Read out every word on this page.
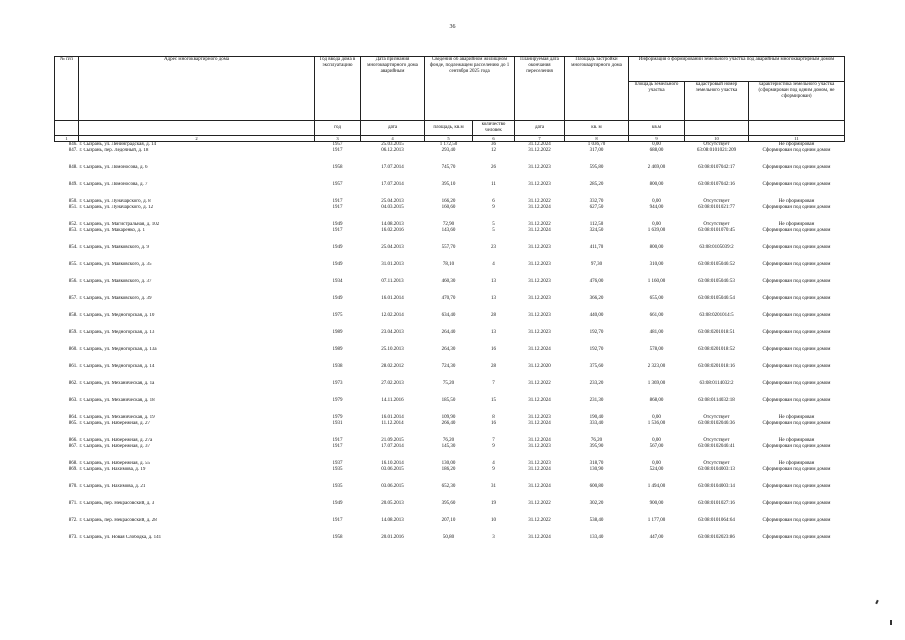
36
№ п/п	Адрес многоквартирного дома	Год ввода дома в эксплуатацию	Дата признания многоквартирного дома аварийным	Сведения об аварийном жилищном фонде, подлежащем расселению до 1 сентября 2025 года		Планируемая дата окончания переселения	Площадь застройки многоквартирного дома	Информация о формировании земельного участка под аварийным многоквартирным домом		
								площадь земельного участка	кадастровый номер земельного участка	характеристика земельного участка (сформирован под одним домом, не сформирован)
		год	дата	площадь, кв.м	количество человек	дата	кв. м	кв.м		
1	2	3	4	5	6	7	8	9	10	11
846.	г. Сызрань, ул. Ленинградская, д. 14	1957	25.03.2015	1 172,50	36	31.12.2024	1 036,70	0,00	Отсутствует	Не сформирован
847.	г. Сызрань, пер. Ледочный, д. 18	1917	06.12.2013	293,40	12	31.12.2022	317,00	688,00	63:08:0101021:209	Сформирован под одним домом
848.	г. Сызрань, ул. Ломоносова, д. 6	1958	17.07.2014	745,70	26	31.12.2023	595,80	2 469,00	63:08:0107042:17	Сформирован под одним домом
849.	г. Сызрань, ул. Ломоносова, д. 7	1957	17.07.2014	395,10	11	31.12.2023	285,20	800,00	63:08:0107042:16	Сформирован под одним домом
850.	г. Сызрань, ул. Луначарского, д. 8	1917	25.04.2013	166,20	6	31.12.2022	332,70	0,00	Отсутствует	Не сформирован
851.	г. Сызрань, ул. Луначарского, д. 12	1917	04.03.2015	160,60	9	31.12.2024	627,50	944,00	63:08:0101021:77	Сформирован под одним домом
852.	г. Сызрань, ул. Магистральная, д. 102	1949	14.08.2013	72,90	5	31.12.2022	112,50	0,00	Отсутствует	Не сформирован
853.	г. Сызрань, ул. Макаренко, д. 1	1917	16.02.2016	143,60	5	31.12.2024	324,50	1 639,00	63:08:0101070:45	Сформирован под одним домом
854.	г. Сызрань, ул. Маяковского, д. 9	1949	25.04.2013	557,70	23	31.12.2023	411,70	800,00	63:08:0105039:2	Сформирован под одним домом
855.	г. Сызрань, ул. Маяковского, д. 35	1949	31.01.2013	78,10	4	31.12.2023	97,30	310,00	63:08:0105046:52	Сформирован под одним домом
856.	г. Сызрань, ул. Маяковского, д. 37	1934	07.11.2013	460,30	13	31.12.2023	476,00	1 160,00	63:08:0105046:53	Сформирован под одним домом
857.	г. Сызрань, ул. Маяковского, д. 39	1949	16.01.2014	470,70	13	31.12.2023	366,20	655,00	63:08:0105046:54	Сформирован под одним домом
858.	г. Сызрань, ул. Медногорская, д. 10	1975	12.02.2014	634,40	28	31.12.2023	440,00	661,00	63:08:0201014:5	Сформирован под одним домом
859.	г. Сызрань, ул. Медногорская, д. 13	1989	23.04.2013	264,40	13	31.12.2023	192,70	481,00	63:08:0201018:51	Сформирован под одним домом
860.	г. Сызрань, ул. Медногорская, д. 13а	1989	25.10.2013	264,30	16	31.12.2024	192,70	578,00	63:08:0201018:52	Сформирован под одним домом
861.	г. Сызрань, ул. Медногорская, д. 14	1938	28.02.2012	724,30	28	31.12.2020	375,60	2 323,00	63:08:0201018:16	Сформирован под одним домом
862.	г. Сызрань, ул. Механическая, д. 1а	1973	27.02.2013	75,20	7	31.12.2022	233,20	1 369,00	63:08:0114032:2	Сформирован под одним домом
863.	г. Сызрань, ул. Механическая, д. 18	1979	14.11.2016	185,50	15	31.12.2024	231,30	868,00	63:08:0114032:18	Сформирован под одним домом
864.	г. Сызрань, ул. Механическая, д. 19	1979	16.01.2014	109,90	8	31.12.2023	190,40	0,00	Отсутствует	Не сформирован
865.	г. Сызрань, ул. Набережная, д. 27	1931	11.12.2014	266,40	16	31.12.2024	333,40	1 536,00	63:08:0102046:36	Сформирован под одним домом
866.	г. Сызрань, ул. Набережная, д. 27а	1917	21.09.2015	76,20	7	31.12.2024	76,20	0,00	Отсутствует	Не сформирован
867.	г. Сызрань, ул. Набережная, д. 37	1917	17.07.2014	145,30	9	31.12.2023	395,90	567,00	63:08:0102046:41	Сформирован под одним домом
868.	г. Сызрань, ул. Набережная, д. 55	1937	16.10.2014	130,00	4	31.12.2023	318,70	0,00	Отсутствует	Не сформирован
869.	г. Сызрань, ул. Нахимова, д. 19	1935	03.06.2015	186,20	9	31.12.2024	130,90	524,00	63:08:0104003:13	Сформирован под одним домом
870.	г. Сызрань, ул. Нахимова, д. 21	1935	03.06.2015	652,30	31	31.12.2024	600,80	1 494,00	63:08:0104003:14	Сформирован под одним домом
871.	г. Сызрань, пер. Некрасовский, д. 3	1949	20.05.2013	395,60	19	31.12.2022	302,20	900,00	63:08:0101027:16	Сформирован под одним домом
872.	г. Сызрань, пер. Некрасовский, д. 28	1917	14.08.2013	207,10	10	31.12.2022	538,40	1 177,00	63:08:0101064:64	Сформирован под одним домом
873.	г. Сызрань, ул. Новая Слободка, д. 141	1958	20.01.2016	50,80	3	31.12.2024	133,40	447,00	63:08:0102023:86	Сформирован под одним домом
